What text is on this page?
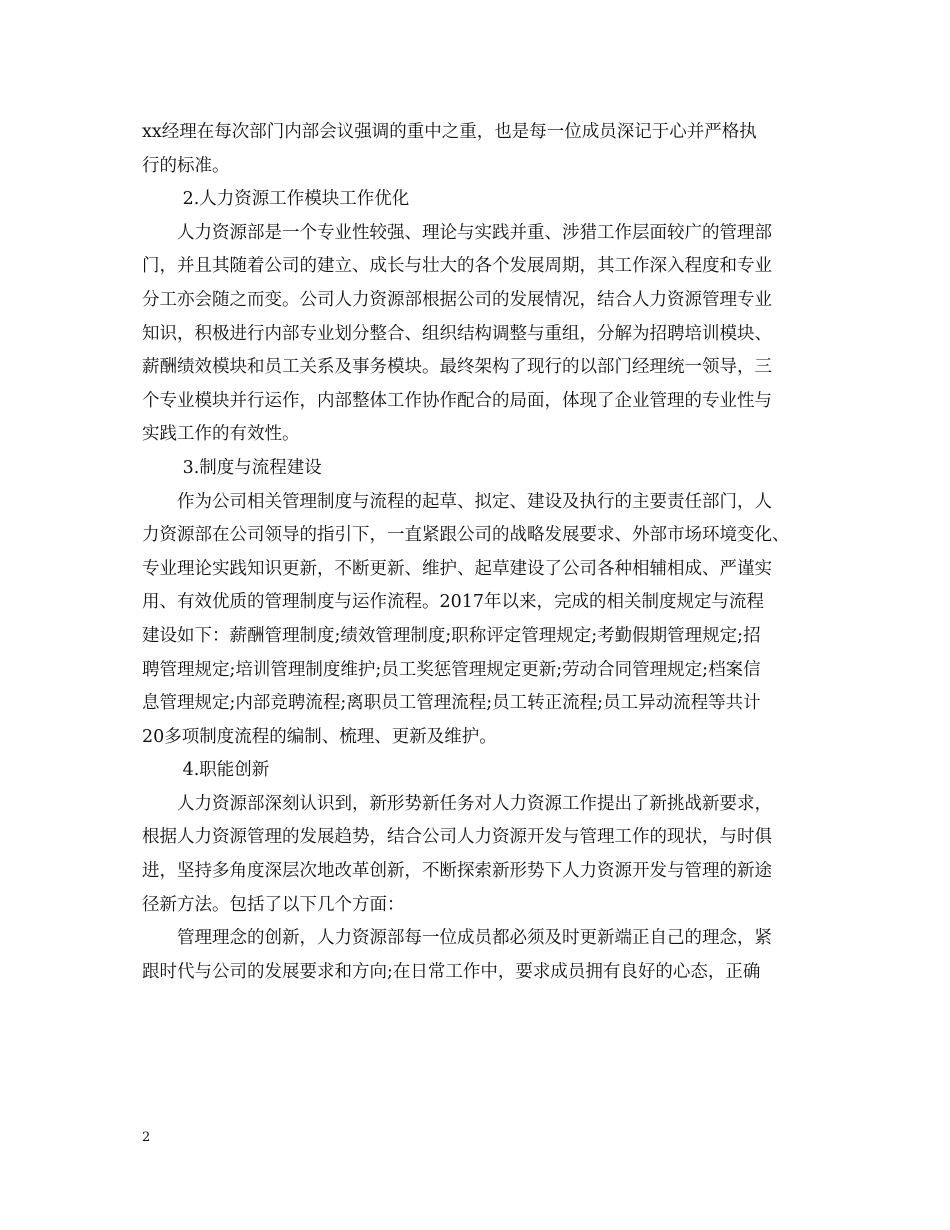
xx经理在每次部门内部会议强调的重中之重，也是每一位成员深记于心并严格执
行的标准。
　　 2.人力资源工作模块工作优化
　　人力资源部是一个专业性较强、理论与实践并重、涉猎工作层面较广的管理部
门，并且其随着公司的建立、成长与壮大的各个发展周期，其工作深入程度和专业
分工亦会随之而变。公司人力资源部根据公司的发展情况，结合人力资源管理专业
知识，积极进行内部专业划分整合、组织结构调整与重组，分解为招聘培训模块、
薪酬绩效模块和员工关系及事务模块。最终架构了现行的以部门经理统一领导，三
个专业模块并行运作，内部整体工作协作配合的局面，体现了企业管理的专业性与
实践工作的有效性。
　　 3.制度与流程建设
　　作为公司相关管理制度与流程的起草、拟定、建设及执行的主要责任部门，人
力资源部在公司领导的指引下，一直紧跟公司的战略发展要求、外部市场环境变化、
专业理论实践知识更新，不断更新、维护、起草建设了公司各种相辅相成、严谨实
用、有效优质的管理制度与运作流程。2017年以来，完成的相关制度规定与流程
建设如下：薪酬管理制度;绩效管理制度;职称评定管理规定;考勤假期管理规定;招
聘管理规定;培训管理制度维护;员工奖惩管理规定更新;劳动合同管理规定;档案信
息管理规定;内部竞聘流程;离职员工管理流程;员工转正流程;员工异动流程等共计
20多项制度流程的编制、梳理、更新及维护。
　　 4.职能创新
　　人力资源部深刻认识到，新形势新任务对人力资源工作提出了新挑战新要求，
根据人力资源管理的发展趋势，结合公司人力资源开发与管理工作的现状，与时俱
进，坚持多角度深层次地改革创新，不断探索新形势下人力资源开发与管理的新途
径新方法。包括了以下几个方面：
　　管理理念的创新，人力资源部每一位成员都必须及时更新端正自己的理念，紧
跟时代与公司的发展要求和方向;在日常工作中，要求成员拥有良好的心态，正确
2
